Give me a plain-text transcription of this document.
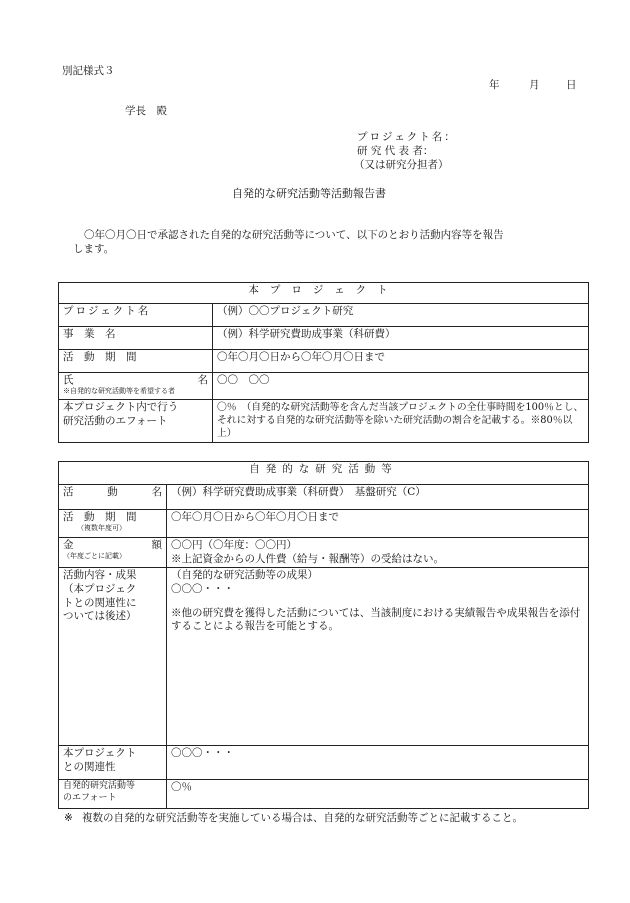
別記様式３
年	月	日
学長　殿
プロジェクト名：
研 究 代 表 者：
（又は研究分担者）
自発的な研究活動等活動報告書
〇年〇月〇日で承認された自発的な研究活動等について、以下のとおり活動内容等を報告
します。
本プロジェクト	
プロジェクト名	（例）〇〇プロジェクト研究
事　業　名	（例）科学研究費助成事業（科研費）
活　動　期　間	〇年〇月〇日から〇年〇月〇日まで

氏 名
※自発的な研究活動等を希望する者	〇〇　〇〇

本プロジェクト内で行う
研究活動のエフォート	〇％　（自発的な研究活動等を含んだ当該プロジェクトの全仕事時間を100％とし、それに対する自発的な研究活動等を除いた研究活動の割合を記載する。※80％以上）
自発的な研究活動等	

活 動 名	（例）科学研究費助成事業（科研費）　基盤研究（C）

活　動　期　間
（複数年度可）	〇年〇月〇日から〇年〇月〇日まで

金 額
（年度ごとに記載）	〇〇円（〇年度：〇〇円）
※上記資金からの人件費（給与・報酬等）の受給はない。

活動内容・成果
（本プロジェク
トとの関連性に
ついては後述）	（自発的な研究活動等の成果）
〇〇〇・・・
※他の研究費を獲得した活動については、当該制度における実績報告や成果報告を添付することによる報告を可能とする。

本プロジェクト
との関連性	〇〇〇・・・

自発的研究活動等
のエフォート	〇％
※ 複数の自発的な研究活動等を実施している場合は、自発的な研究活動等ごとに記載すること。
